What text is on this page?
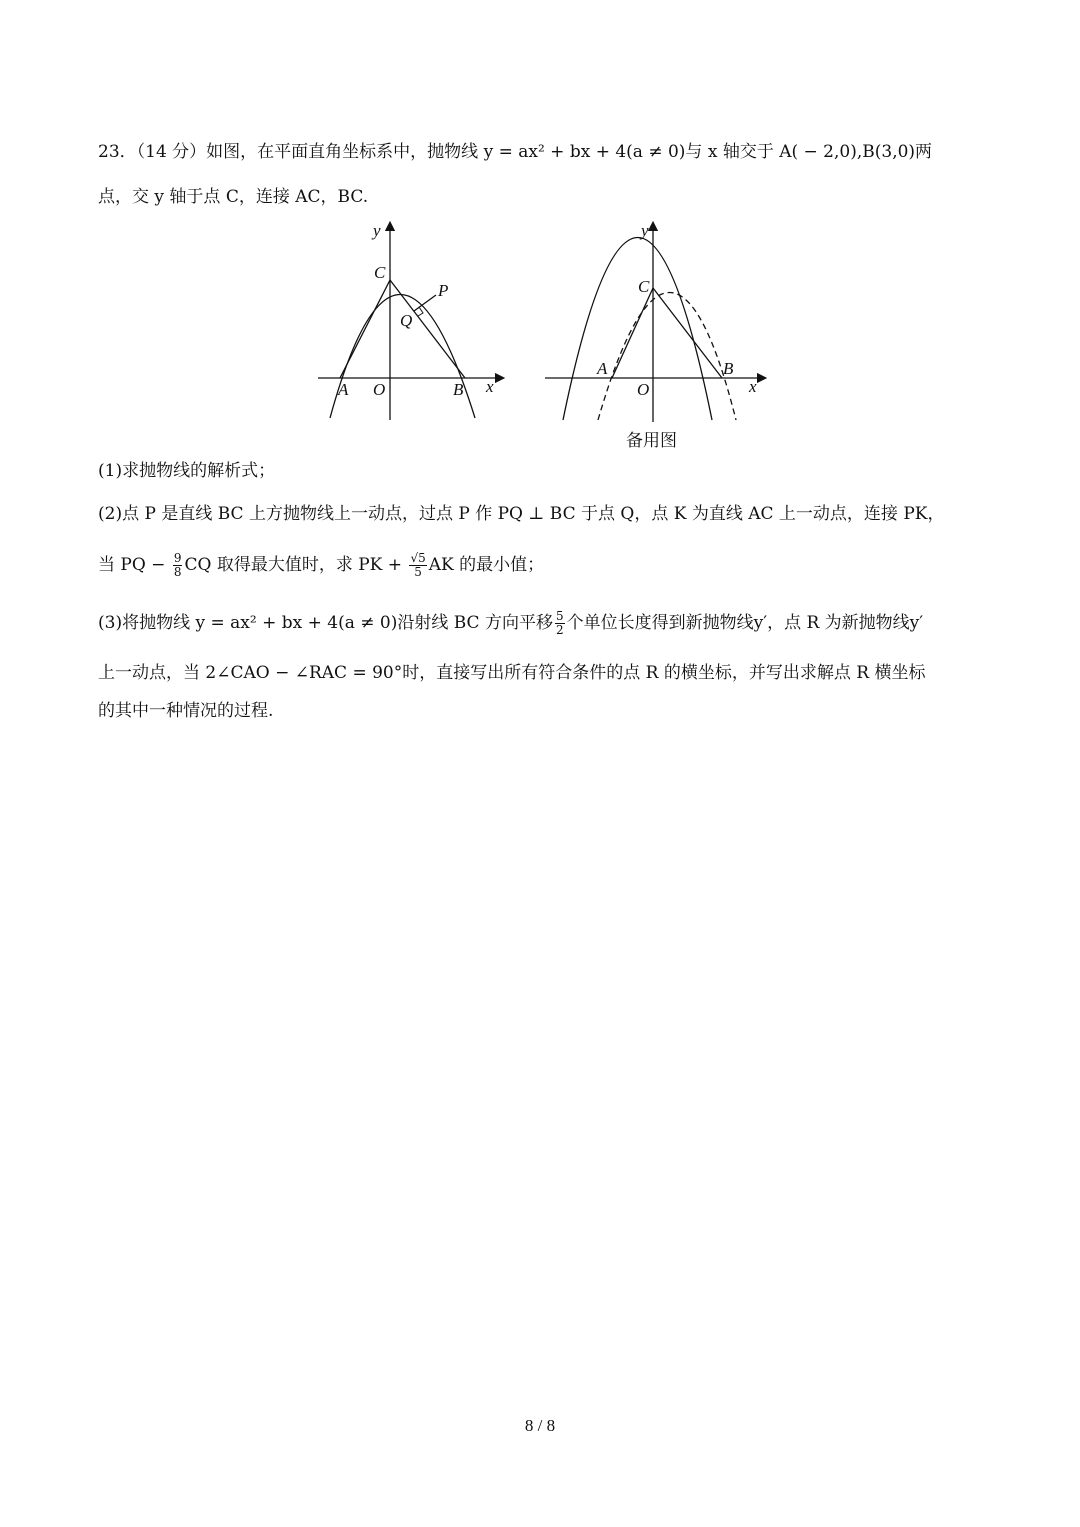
23．（14 分）如图，在平面直角坐标系中，抛物线 y = ax² + bx + 4(a ≠ 0)与 x 轴交于 A( − 2,0),B(3,0)两
点，交 y 轴于点 C，连接 AC，BC.
y
C
P
Q
A O	B x
y
C
A
O
B
x
备用图
(1)求抛物线的解析式；
(2)点 P 是直线 BC 上方抛物线上一动点，过点 P 作 PQ ⊥ BC 于点 Q，点 K 为直线 AC 上一动点，连接 PK，
当 PQ − $\frac{9}{8}$ CQ 取得最大值时，求 PK + $\frac{√5}{5}$ AK 的最小值；
(3)将抛物线 y = ax² + bx + 4(a ≠ 0)沿射线 BC 方向平移 $\frac{5}{2}$ 个单位长度得到新抛物线y′，点 R 为新抛物线y′
上一动点，当 2∠CAO − ∠RAC = 90°时，直接写出所有符合条件的点 R 的横坐标，并写出求解点 R 横坐标
的其中一种情况的过程.
8 / 8
